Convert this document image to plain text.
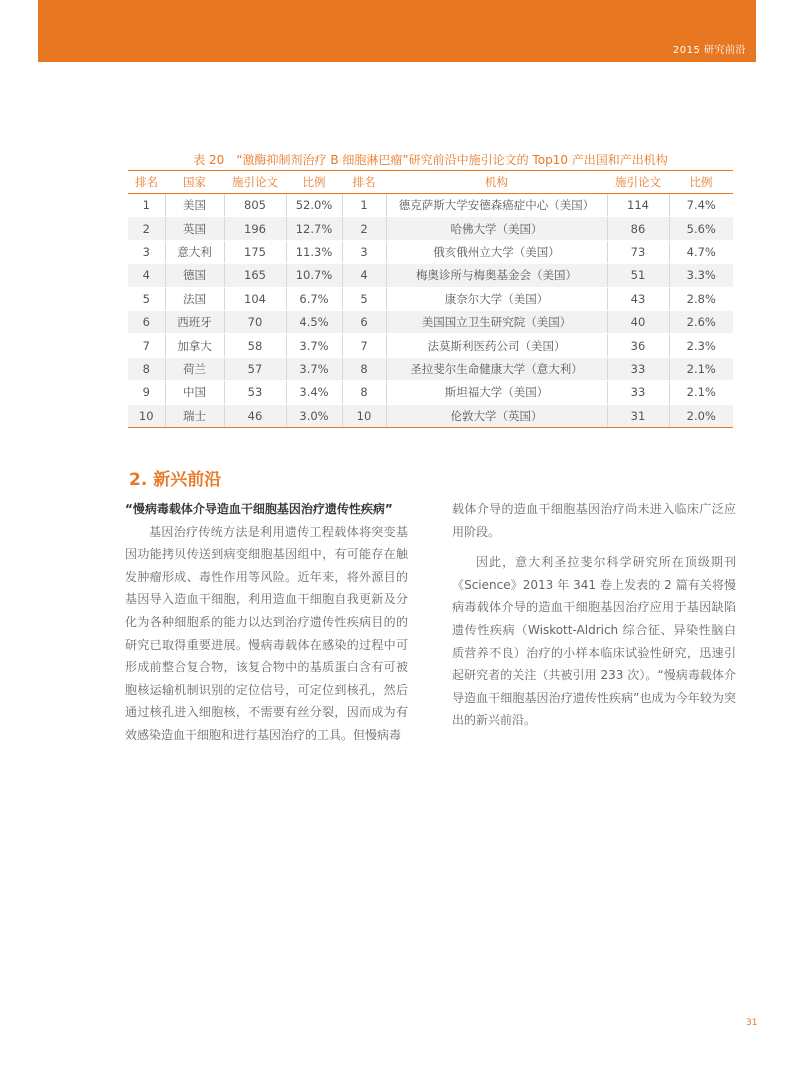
2015 研究前沿
表 20　“激酶抑制剂治疗 B 细胞淋巴瘤”研究前沿中施引论文的 Top10 产出国和产出机构
排名	国家	施引论文	比例	排名	机构	施引论文	比例
1	美国	805	52.0%	1	德克萨斯大学安德森癌症中心（美国）	114	7.4%
2	英国	196	12.7%	2	哈佛大学（美国）	86	5.6%
3	意大利	175	11.3%	3	俄亥俄州立大学（美国）	73	4.7%
4	德国	165	10.7%	4	梅奥诊所与梅奥基金会（美国）	51	3.3%
5	法国	104	6.7%	5	康奈尔大学（美国）	43	2.8%
6	西班牙	70	4.5%	6	美国国立卫生研究院（美国）	40	2.6%
7	加拿大	58	3.7%	7	法莫斯利医药公司（美国）	36	2.3%
8	荷兰	57	3.7%	8	圣拉斐尔生命健康大学（意大利）	33	2.1%
9	中国	53	3.4%	8	斯坦福大学（美国）	33	2.1%
10	瑞士	46	3.0%	10	伦敦大学（英国）	31	2.0%
2. 新兴前沿

“慢病毒载体介导造血干细胞基因治疗遗传性疾病”

基因治疗传统方法是利用遗传工程载体将突变基因功能拷贝传送到病变细胞基因组中，有可能存在触发肿瘤形成、毒性作用等风险。近年来，将外源目的基因导入造血干细胞，利用造血干细胞自我更新及分化为各种细胞系的能力以达到治疗遗传性疾病目的的研究已取得重要进展。慢病毒载体在感染的过程中可形成前整合复合物，该复合物中的基质蛋白含有可被胞核运输机制识别的定位信号，可定位到核孔，然后通过核孔进入细胞核，不需要有丝分裂，因而成为有效感染造血干细胞和进行基因治疗的工具。但慢病毒

载体介导的造血干细胞基因治疗尚未进入临床广泛应用阶段。

因此，意大利圣拉斐尔科学研究所在顶级期刊《Science》2013 年 341 卷上发表的 2 篇有关将慢病毒载体介导的造血干细胞基因治疗应用于基因缺陷遗传性疾病（Wiskott-Aldrich 综合征、异染性脑白质营养不良）治疗的小样本临床试验性研究，迅速引起研究者的关注（共被引用 233 次）。“慢病毒载体介导造血干细胞基因治疗遗传性疾病”也成为今年较为突出的新兴前沿。

31
